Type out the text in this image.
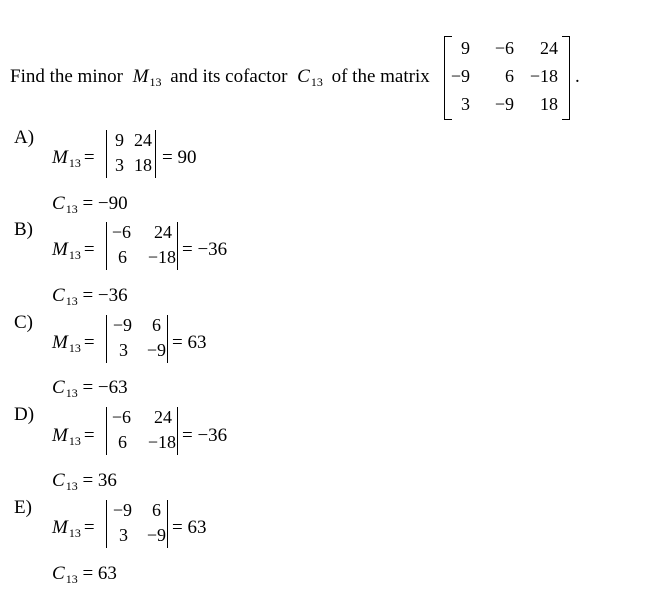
Find the minor $M_{13}$ and its cofactor $C_{13}$ of the matrix
9 −6 24
−9 6 −18
3 −9 18
.
A)
$M_{13}$ =
9 24
3 18 = 90
$C_{13} = -90$
B)
$M_{13}$ =
−6 24
6 −18 = −36
$C_{13} = -36$
C)
$M_{13}$ =
−9 6
3 −9 = 63
$C_{13} = -63$
D)
$M_{13}$ =
−6 24
6 −18 = −36
$C_{13} = 36$
E)
$M_{13}$ =
−9 6
3 −9 = 63
$C_{13} = 63$
